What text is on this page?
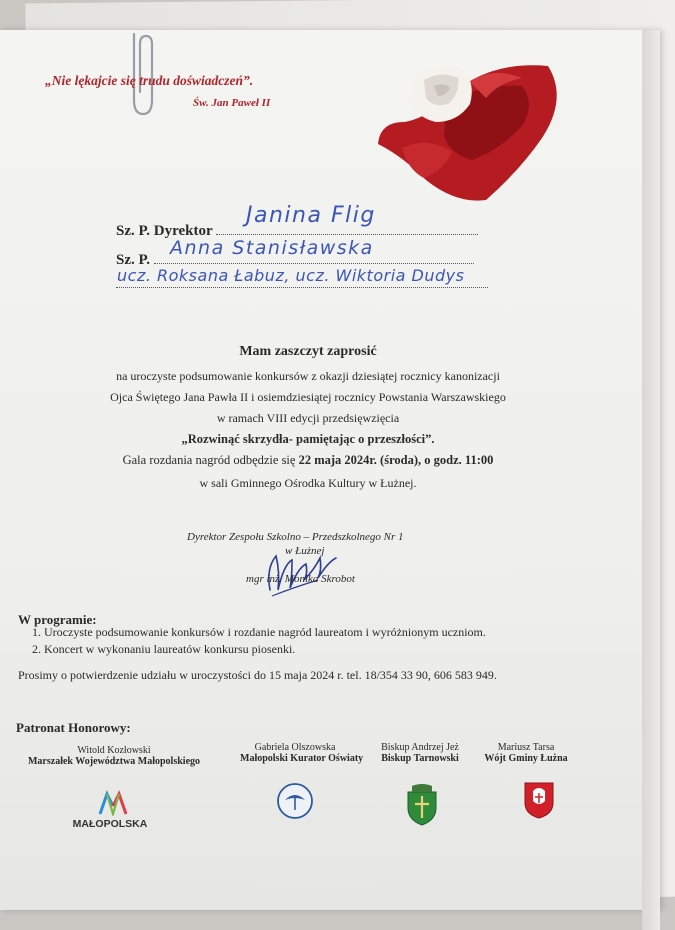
„Nie lękajcie się trudu doświadczeń”.
Św. Jan Paweł II
Sz. P. Dyrektor
Janina Flig
Sz. P.
Anna Stanisławska
ucz. Roksana Łabuz, ucz. Wiktoria Dudys
Mam zaszczyt zaprosić
na uroczyste podsumowanie konkursów z okazji dziesiątej rocznicy kanonizacji
Ojca Świętego Jana Pawła II i osiemdziesiątej rocznicy Powstania Warszawskiego
w ramach VIII edycji przedsięwzięcia
„Rozwinąć skrzydła- pamiętając o przeszłości”.
Gala rozdania nagród odbędzie się 22 maja 2024r. (środa), o godz. 11:00
w sali Gminnego Ośrodka Kultury w Łużnej.
Dyrektor Zespołu Szkolno – Przedszkolnego Nr 1
w Łużnej
mgr inż. Monika Skrobot
W programie:
1. Uroczyste podsumowanie konkursów i rozdanie nagród laureatom i wyróżnionym uczniom.
2. Koncert w wykonaniu laureatów konkursu piosenki.
Prosimy o potwierdzenie udziału w uroczystości do 15 maja 2024 r. tel. 18/354 33 90, 606 583 949.
Patronat Honorowy:
Witold Kozłowski
Marszałek Województwa Małopolskiego
Gabriela Olszowska
Małopolski Kurator Oświaty
Biskup Andrzej Jeż
Biskup Tarnowski
Mariusz Tarsa
Wójt Gminy Łużna
MAŁOPOLSKA
